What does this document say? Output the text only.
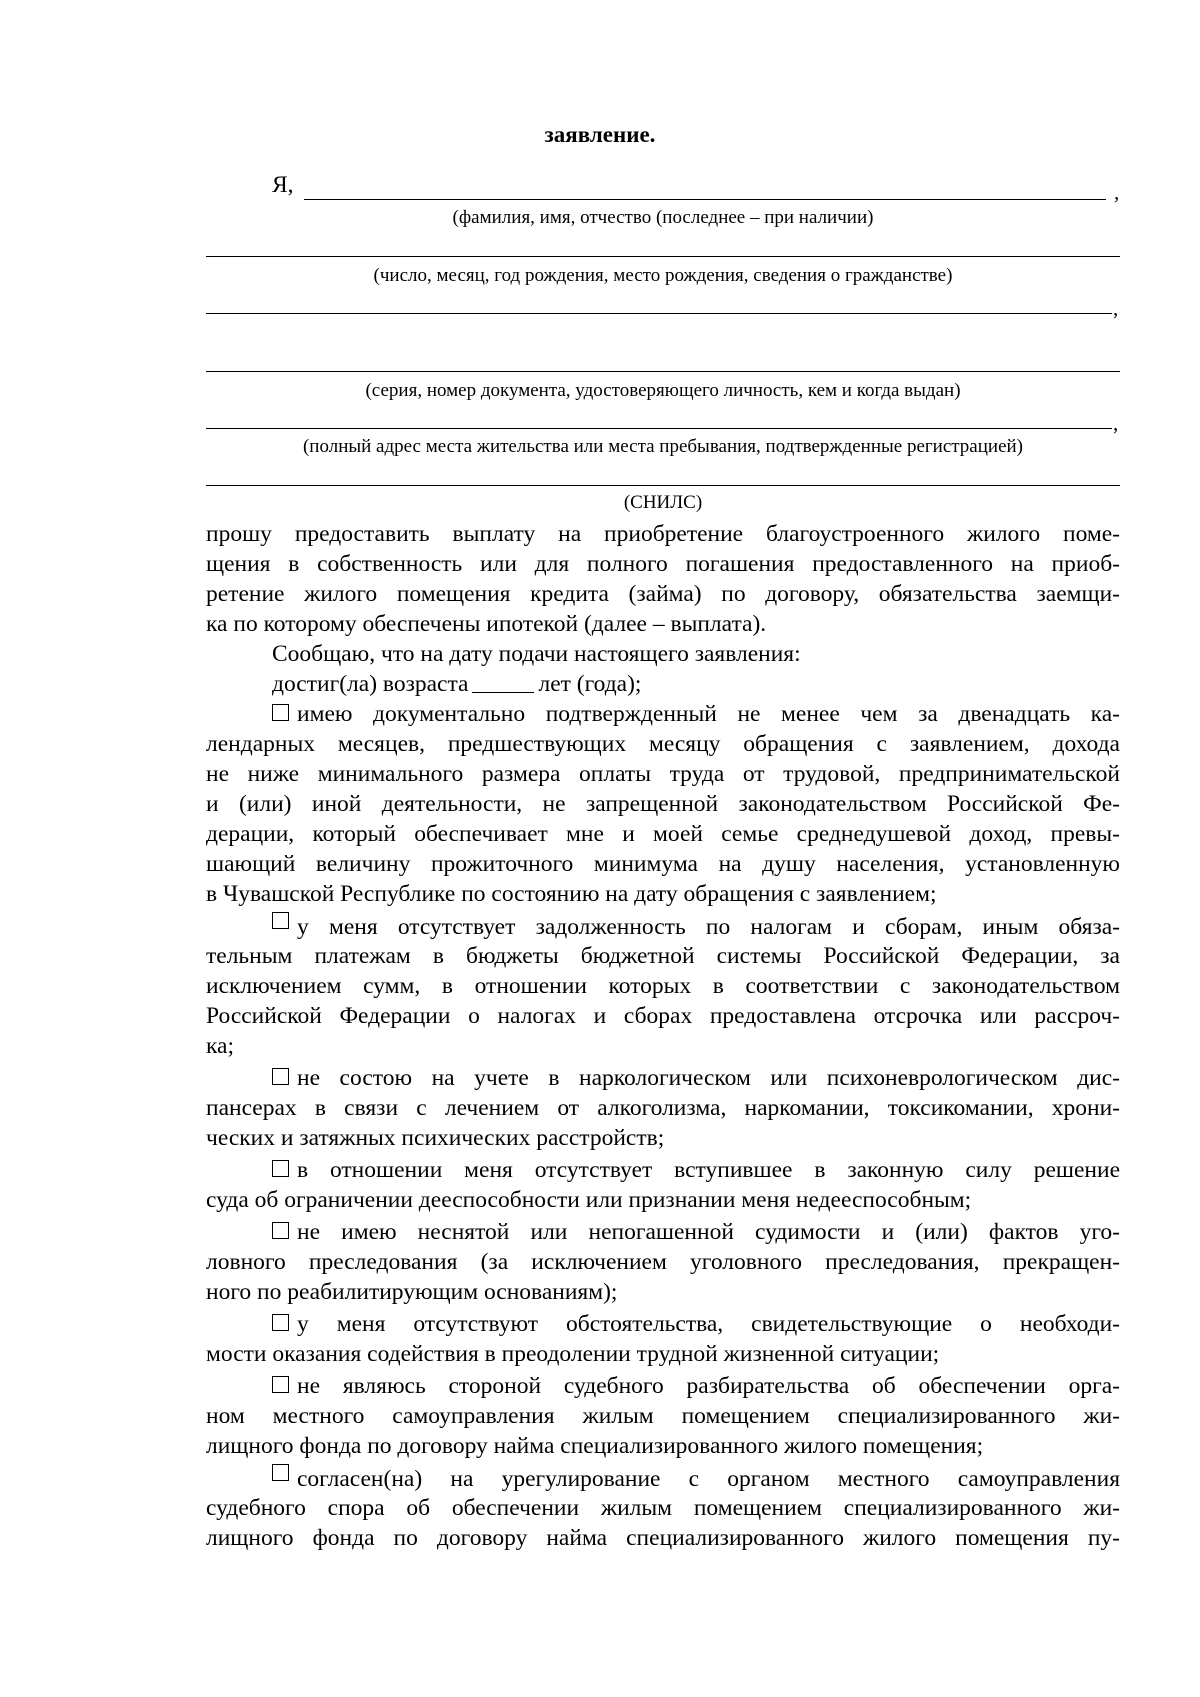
заявление.
Я,	,
(фамилия, имя, отчество (последнее – при наличии)
(число, месяц, год рождения, место рождения, сведения о гражданстве)
,
(серия, номер документа, удостоверяющего личность, кем и когда выдан)
,
(полный адрес места жительства или места пребывания, подтвержденные регистрацией)
(СНИЛС)
прошу предоставить выплату на приобретение благоустроенного жилого поме-
щения в собственность или для полного погашения предоставленного на приоб-
ретение жилого помещения кредита (займа) по договору, обязательства заемщи-
ка по которому обеспечены ипотекой (далее – выплата).
Сообщаю, что на дату подачи настоящего заявления:
достиг(ла) возраста	лет (года);
имею документально подтвержденный не менее чем за двенадцать ка-
лендарных месяцев, предшествующих месяцу обращения с заявлением, дохода
не ниже минимального размера оплаты труда от трудовой, предпринимательской
и (или) иной деятельности, не запрещенной законодательством Российской Фе-
дерации, который обеспечивает мне и моей семье среднедушевой доход, превы-
шающий величину прожиточного минимума на душу населения, установленную
в Чувашской Республике по состоянию на дату обращения с заявлением;
у меня отсутствует задолженность по налогам и сборам, иным обяза-
тельным платежам в бюджеты бюджетной системы Российской Федерации, за
исключением сумм, в отношении которых в соответствии с законодательством
Российской Федерации о налогах и сборах предоставлена отсрочка или рассроч-
ка;
не состою на учете в наркологическом или психоневрологическом дис-
пансерах в связи с лечением от алкоголизма, наркомании, токсикомании, хрони-
ческих и затяжных психических расстройств;
в отношении меня отсутствует вступившее в законную силу решение
суда об ограничении дееспособности или признании меня недееспособным;
не имею неснятой или непогашенной судимости и (или) фактов уго-
ловного преследования (за исключением уголовного преследования, прекращен-
ного по реабилитирующим основаниям);
у меня отсутствуют обстоятельства, свидетельствующие о необходи-
мости оказания содействия в преодолении трудной жизненной ситуации;
не являюсь стороной судебного разбирательства об обеспечении орга-
ном местного самоуправления жилым помещением специализированного жи-
лищного фонда по договору найма специализированного жилого помещения;
согласен(на) на урегулирование с органом местного самоуправления
судебного спора об обеспечении жилым помещением специализированного жи-
лищного фонда по договору найма специализированного жилого помещения пу-
